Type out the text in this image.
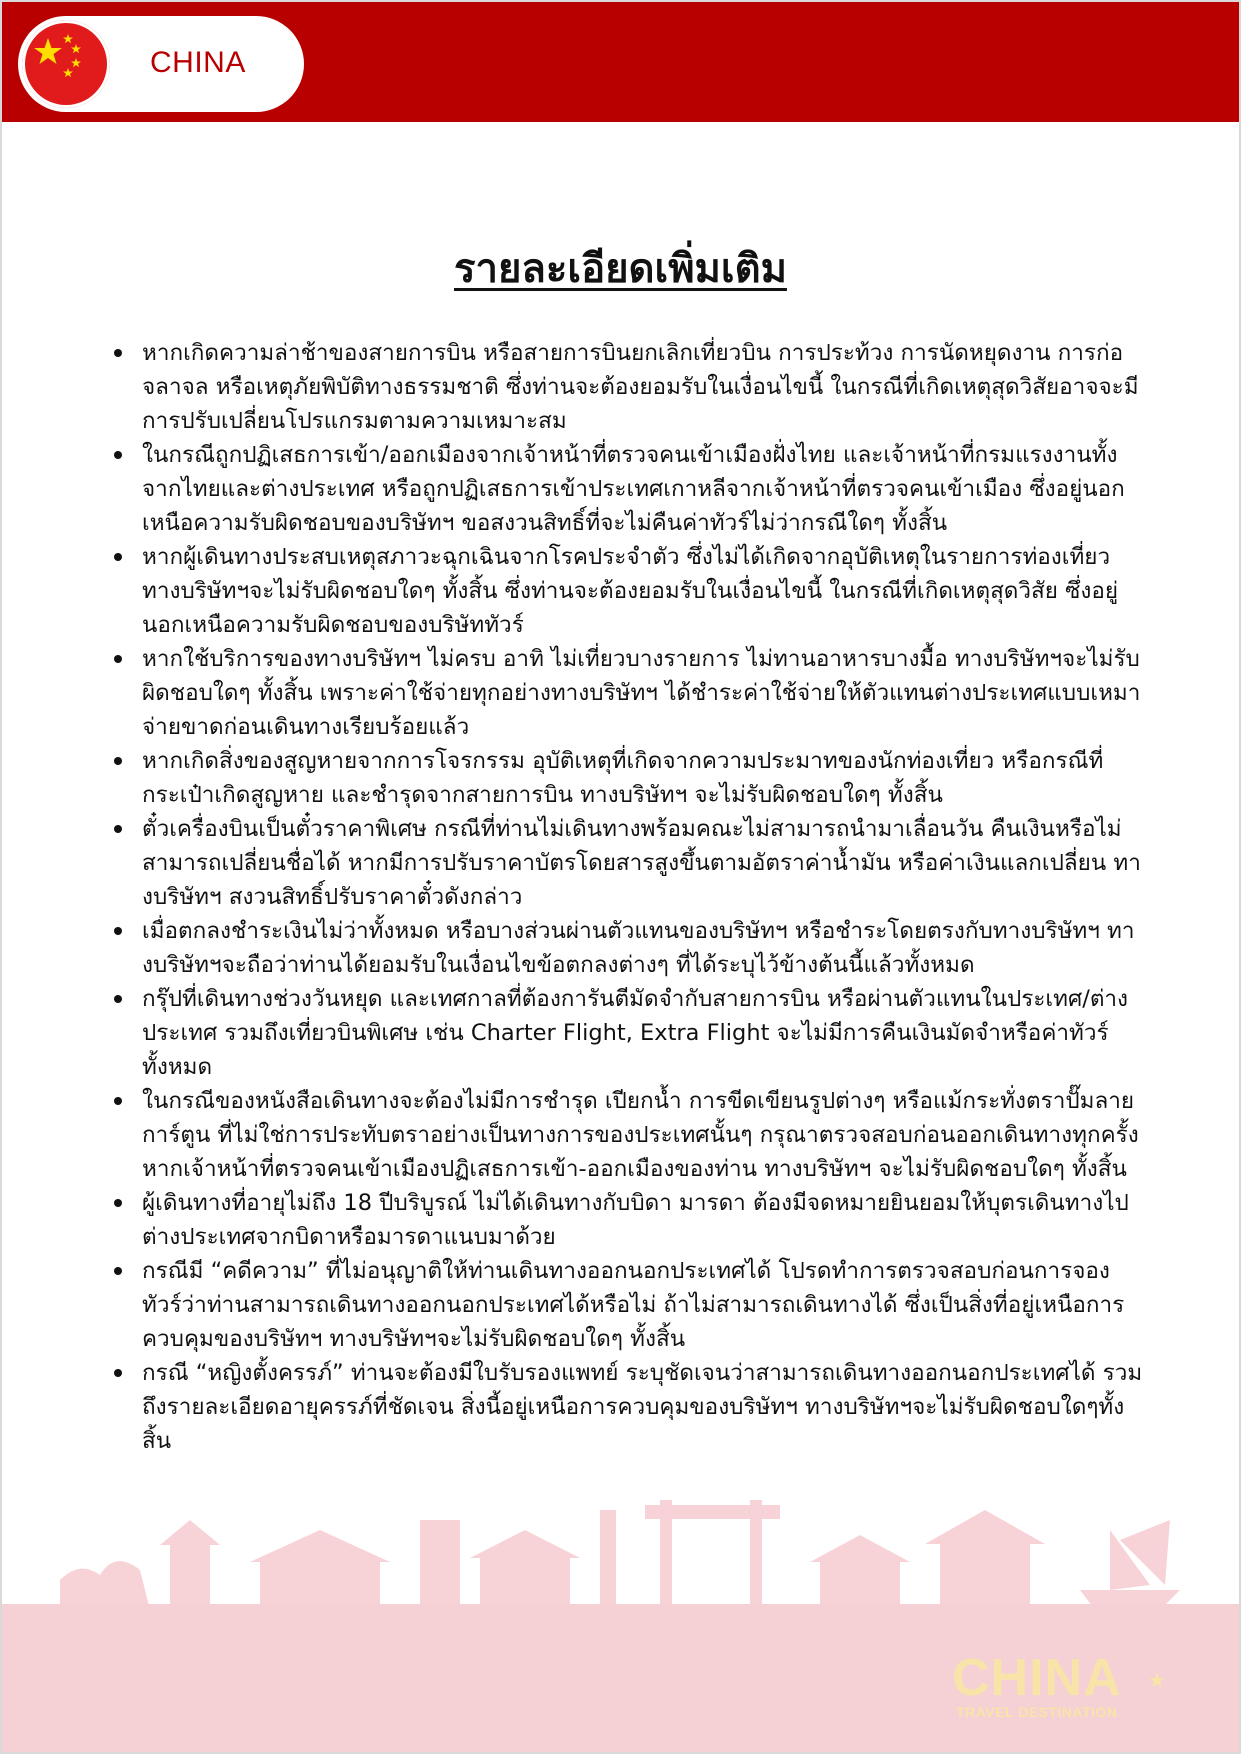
CHINA
รายละเอียดเพิ่มเติม
หากเกิดความล่าช้าของสายการบิน หรือสายการบินยกเลิกเที่ยวบิน การประท้วง การนัดหยุดงาน การก่อจลาจล หรือเหตุภัยพิบัติทางธรรมชาติ ซึ่งท่านจะต้องยอมรับในเงื่อนไขนี้ ในกรณีที่เกิดเหตุสุดวิสัยอาจจะมีการปรับเปลี่ยนโปรแกรมตามความเหมาะสม
ในกรณีถูกปฏิเสธการเข้า/ออกเมืองจากเจ้าหน้าที่ตรวจคนเข้าเมืองฝั่งไทย และเจ้าหน้าที่กรมแรงงานทั้งจากไทยและต่างประเทศ หรือถูกปฏิเสธการเข้าประเทศเกาหลีจากเจ้าหน้าที่ตรวจคนเข้าเมือง ซึ่งอยู่นอกเหนือความรับผิดชอบของบริษัทฯ ขอสงวนสิทธิ์ที่จะไม่คืนค่าทัวร์ไม่ว่ากรณีใดๆ ทั้งสิ้น
หากผู้เดินทางประสบเหตุสภาวะฉุกเฉินจากโรคประจำตัว ซึ่งไม่ได้เกิดจากอุบัติเหตุในรายการท่องเที่ยว ทางบริษัทฯจะไม่รับผิดชอบใดๆ ทั้งสิ้น ซึ่งท่านจะต้องยอมรับในเงื่อนไขนี้ ในกรณีที่เกิดเหตุสุดวิสัย ซึ่งอยู่นอกเหนือความรับผิดชอบของบริษัททัวร์
หากใช้บริการของทางบริษัทฯ ไม่ครบ อาทิ ไม่เที่ยวบางรายการ ไม่ทานอาหารบางมื้อ ทางบริษัทฯจะไม่รับผิดชอบใดๆ ทั้งสิ้น เพราะค่าใช้จ่ายทุกอย่างทางบริษัทฯ ได้ชำระค่าใช้จ่ายให้ตัวแทนต่างประเทศแบบเหมาจ่ายขาดก่อนเดินทางเรียบร้อยแล้ว
หากเกิดสิ่งของสูญหายจากการโจรกรรม อุบัติเหตุที่เกิดจากความประมาทของนักท่องเที่ยว หรือกรณีที่กระเป๋าเกิดสูญหาย และชำรุดจากสายการบิน ทางบริษัทฯ จะไม่รับผิดชอบใดๆ ทั้งสิ้น
ตั๋วเครื่องบินเป็นตั๋วราคาพิเศษ กรณีที่ท่านไม่เดินทางพร้อมคณะไม่สามารถนำมาเลื่อนวัน คืนเงินหรือไม่สามารถเปลี่ยนชื่อได้ หากมีการปรับราคาบัตรโดยสารสูงขึ้นตามอัตราค่าน้ำมัน หรือค่าเงินแลกเปลี่ยน ทางบริษัทฯ สงวนสิทธิ์ปรับราคาตั๋วดังกล่าว
เมื่อตกลงชำระเงินไม่ว่าทั้งหมด หรือบางส่วนผ่านตัวแทนของบริษัทฯ หรือชำระโดยตรงกับทางบริษัทฯ ทางบริษัทฯจะถือว่าท่านได้ยอมรับในเงื่อนไขข้อตกลงต่างๆ ที่ได้ระบุไว้ข้างต้นนี้แล้วทั้งหมด
กรุ๊ปที่เดินทางช่วงวันหยุด และเทศกาลที่ต้องการันตีมัดจำกับสายการบิน หรือผ่านตัวแทนในประเทศ/ต่างประเทศ รวมถึงเที่ยวบินพิเศษ เช่น Charter Flight, Extra Flight จะไม่มีการคืนเงินมัดจำหรือค่าทัวร์ทั้งหมด
ในกรณีของหนังสือเดินทางจะต้องไม่มีการชำรุด เปียกน้ำ การขีดเขียนรูปต่างๆ หรือแม้กระทั่งตราปั๊มลายการ์ตูน ที่ไม่ใช่การประทับตราอย่างเป็นทางการของประเทศนั้นๆ กรุณาตรวจสอบก่อนออกเดินทางทุกครั้ง หากเจ้าหน้าที่ตรวจคนเข้าเมืองปฏิเสธการเข้า-ออกเมืองของท่าน ทางบริษัทฯ จะไม่รับผิดชอบใดๆ ทั้งสิ้น
ผู้เดินทางที่อายุไม่ถึง 18 ปีบริบูรณ์ ไม่ได้เดินทางกับบิดา มารดา ต้องมีจดหมายยินยอมให้บุตรเดินทางไปต่างประเทศจากบิดาหรือมารดาแนบมาด้วย
กรณีมี “คดีความ” ที่ไม่อนุญาติให้ท่านเดินทางออกนอกประเทศได้ โปรดทำการตรวจสอบก่อนการจองทัวร์ว่าท่านสามารถเดินทางออกนอกประเทศได้หรือไม่ ถ้าไม่สามารถเดินทางได้ ซึ่งเป็นสิ่งที่อยู่เหนือการควบคุมของบริษัทฯ ทางบริษัทฯจะไม่รับผิดชอบใดๆ ทั้งสิ้น
กรณี “หญิงตั้งครรภ์” ท่านจะต้องมีใบรับรองแพทย์ ระบุชัดเจนว่าสามารถเดินทางออกนอกประเทศได้ รวมถึงรายละเอียดอายุครรภ์ที่ชัดเจน สิ่งนี้อยู่เหนือการควบคุมของบริษัทฯ ทางบริษัทฯจะไม่รับผิดชอบใดๆทั้งสิ้น
CHINA ★
TRAVEL DESTINATION
